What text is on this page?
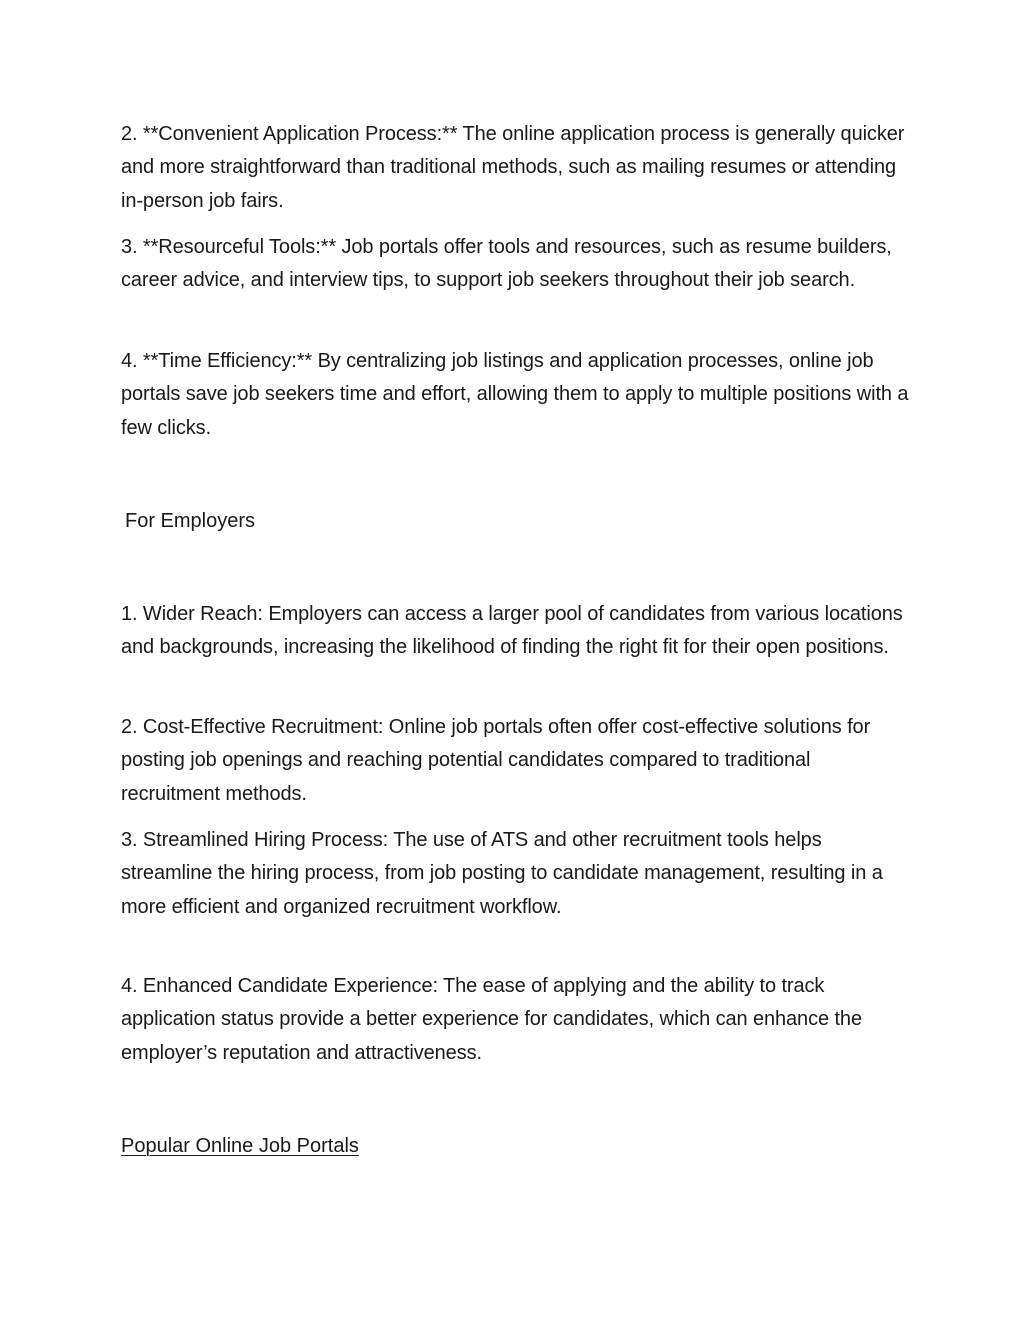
2. **Convenient Application Process:** The online application process is generally quicker and more straightforward than traditional methods, such as mailing resumes or attending in-person job fairs.

3. **Resourceful Tools:** Job portals offer tools and resources, such as resume builders, career advice, and interview tips, to support job seekers throughout their job search.

4. **Time Efficiency:** By centralizing job listings and application processes, online job portals save job seekers time and effort, allowing them to apply to multiple positions with a few clicks.

For Employers

1. Wider Reach: Employers can access a larger pool of candidates from various locations and backgrounds, increasing the likelihood of finding the right fit for their open positions.

2. Cost-Effective Recruitment: Online job portals often offer cost-effective solutions for posting job openings and reaching potential candidates compared to traditional recruitment methods.

3. Streamlined Hiring Process: The use of ATS and other recruitment tools helps streamline the hiring process, from job posting to candidate management, resulting in a more efficient and organized recruitment workflow.

4. Enhanced Candidate Experience: The ease of applying and the ability to track application status provide a better experience for candidates, which can enhance the employer’s reputation and attractiveness.

Popular Online Job Portals
